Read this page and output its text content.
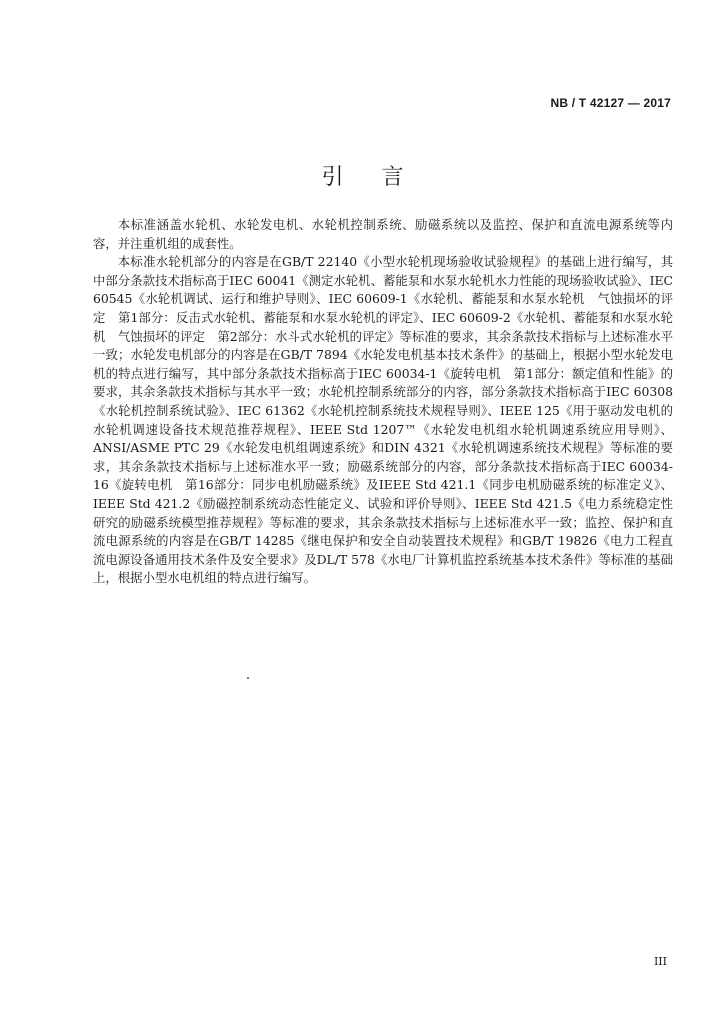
NB / T 42127 — 2017
引言

本标准涵盖水轮机、水轮发电机、水轮机控制系统、励磁系统以及监控、保护和直流电源系统等内容，并注重机组的成套性。

本标准水轮机部分的内容是在GB/T 22140《小型水轮机现场验收试验规程》的基础上进行编写，其中部分条款技术指标高于IEC 60041《测定水轮机、蓄能泵和水泵水轮机水力性能的现场验收试验》、IEC 60545《水轮机调试、运行和维护导则》、IEC 60609-1《水轮机、蓄能泵和水泵水轮机　气蚀损坏的评定　第1部分：反击式水轮机、蓄能泵和水泵水轮机的评定》、IEC 60609-2《水轮机、蓄能泵和水泵水轮机　气蚀损坏的评定　第2部分：水斗式水轮机的评定》等标准的要求，其余条款技术指标与上述标准水平一致；水轮发电机部分的内容是在GB/T 7894《水轮发电机基本技术条件》的基础上，根据小型水轮发电机的特点进行编写，其中部分条款技术指标高于IEC 60034-1《旋转电机　第1部分：额定值和性能》的要求，其余条款技术指标与其水平一致；水轮机控制系统部分的内容，部分条款技术指标高于IEC 60308《水轮机控制系统试验》、IEC 61362《水轮机控制系统技术规程导则》、IEEE 125《用于驱动发电机的水轮机调速设备技术规范推荐规程》、IEEE Std 1207™《水轮发电机组水轮机调速系统应用导则》、ANSI/ASME PTC 29《水轮发电机组调速系统》和DIN 4321《水轮机调速系统技术规程》等标准的要求，其余条款技术指标与上述标准水平一致；励磁系统部分的内容，部分条款技术指标高于IEC 60034-16《旋转电机　第16部分：同步电机励磁系统》及IEEE Std 421.1《同步电机励磁系统的标准定义》、IEEE Std 421.2《励磁控制系统动态性能定义、试验和评价导则》、IEEE Std 421.5《电力系统稳定性研究的励磁系统模型推荐规程》等标准的要求，其余条款技术指标与上述标准水平一致；监控、保护和直流电源系统的内容是在GB/T 14285《继电保护和安全自动装置技术规程》和GB/T 19826《电力工程直流电源设备通用技术条件及安全要求》及DL/T 578《水电厂计算机监控系统基本技术条件》等标准的基础上，根据小型水电机组的特点进行编写。

III
